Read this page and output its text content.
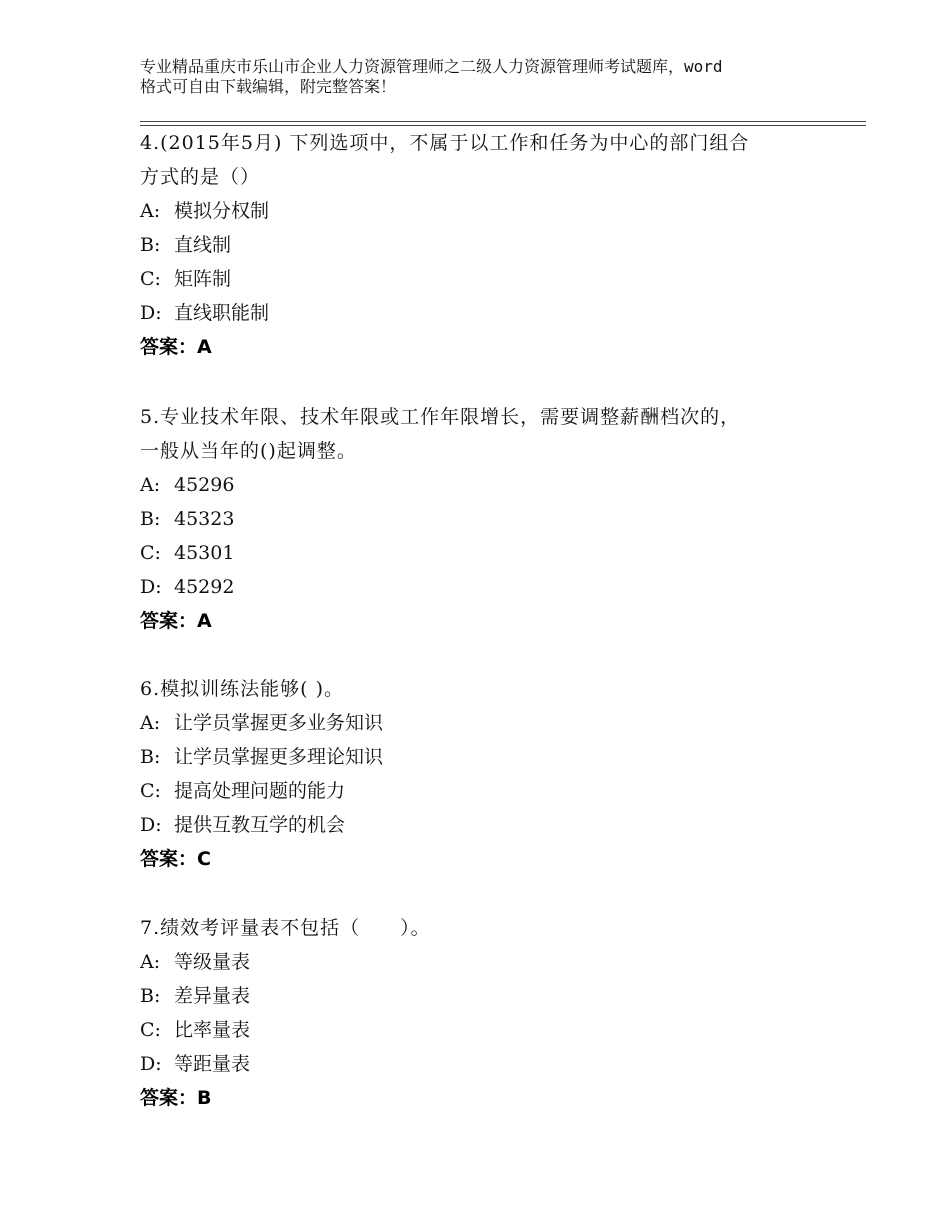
专业精品重庆市乐山市企业人力资源管理师之二级人力资源管理师考试题库，word
格式可自由下载编辑，附完整答案！
4.(2015年5月) 下列选项中，不属于以工作和任务为中心的部门组合
方式的是（）
A: 模拟分权制
B: 直线制
C: 矩阵制
D: 直线职能制
答案：A
5.专业技术年限、技术年限或工作年限增长，需要调整薪酬档次的，
一般从当年的()起调整。
A: 45296
B: 45323
C: 45301
D: 45292
答案：A
6.模拟训练法能够( )。
A: 让学员掌握更多业务知识
B: 让学员掌握更多理论知识
C: 提高处理问题的能力
D: 提供互教互学的机会
答案：C
7.绩效考评量表不包括（　　）。
A: 等级量表
B: 差异量表
C: 比率量表
D: 等距量表
答案：B
